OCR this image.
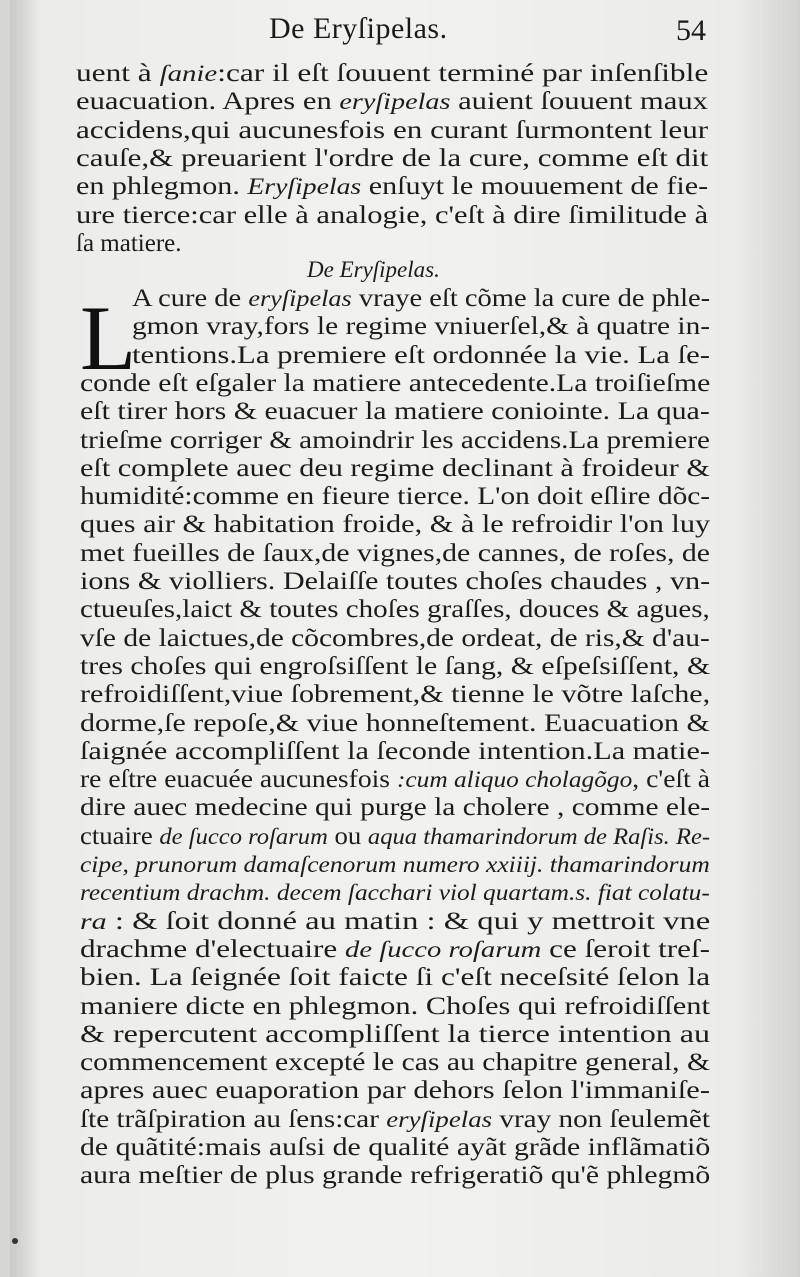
De Eryſipelas.	54
uent à ſanie:car il eſt ſouuent terminé par inſenſible
euacuation. Apres en eryſipelas auient ſouuent maux
accidens,qui aucunesfois en curant ſurmontent leur
cauſe,& preuarient l'ordre de la cure, comme eſt dit
en phlegmon. Eryſipelas enſuyt le mouuement de fie-
ure tierce:car elle à analogie, c'eſt à dire ſimilitude à
ſa matiere.
De Eryſipelas.
L
A cure de eryſipelas vraye eſt cõme la cure de phle-
gmon vray,fors le regime vniuerſel,& à quatre in-
tentions.La premiere eſt ordonnée la vie. La ſe-
conde eſt eſgaler la matiere antecedente.La troiſieſme
eſt tirer hors & euacuer la matiere coniointe. La qua-
trieſme corriger & amoindrir les accidens.La premiere
eſt complete auec deu regime declinant à froideur &
humidité:comme en fieure tierce. L'on doit eſlire dõc-
ques air & habitation froide, & à le refroidir l'on luy
met fueilles de ſaux,de vignes,de cannes, de roſes, de
ions & violliers. Delaiſſe toutes choſes chaudes , vn-
ctueuſes,laict & toutes choſes graſſes, douces & agues,
vſe de laictues,de cõcombres,de ordeat, de ris,& d'au-
tres choſes qui engroſsiſſent le ſang, & eſpeſsiſſent, &
refroidiſſent,viue ſobrement,& tienne le võtre laſche,
dorme,ſe repoſe,& viue honneſtement. Euacuation &
ſaignée accompliſſent la ſeconde intention.La matie-
re eſtre euacuée aucunesfois :cum aliquo cholagõgo, c'eſt à
dire auec medecine qui purge la cholere , comme ele-
ctuaire de ſucco roſarum ou aqua thamarindorum de Raſis. Re-
cipe, prunorum damaſcenorum numero xxiiij. thamarindorum
recentium drachm. decem ſacchari viol quartam.s. fiat colatu-
ra : & ſoit donné au matin : & qui y mettroit vne
drachme d'electuaire de ſucco roſarum ce ſeroit treſ-
bien. La ſeignée ſoit faicte ſi c'eſt neceſsité ſelon la
maniere dicte en phlegmon. Choſes qui refroidiſſent
& repercutent accompliſſent la tierce intention au
commencement excepté le cas au chapitre general, &
apres auec euaporation par dehors ſelon l'immaniſe-
ſte trãſpiration au ſens:car eryſipelas vray non ſeulemẽt
de quãtité:mais auſsi de qualité ayãt grãde inflãmatiõ
aura meſtier de plus grande refrigeratiõ qu'ẽ phlegmõ
